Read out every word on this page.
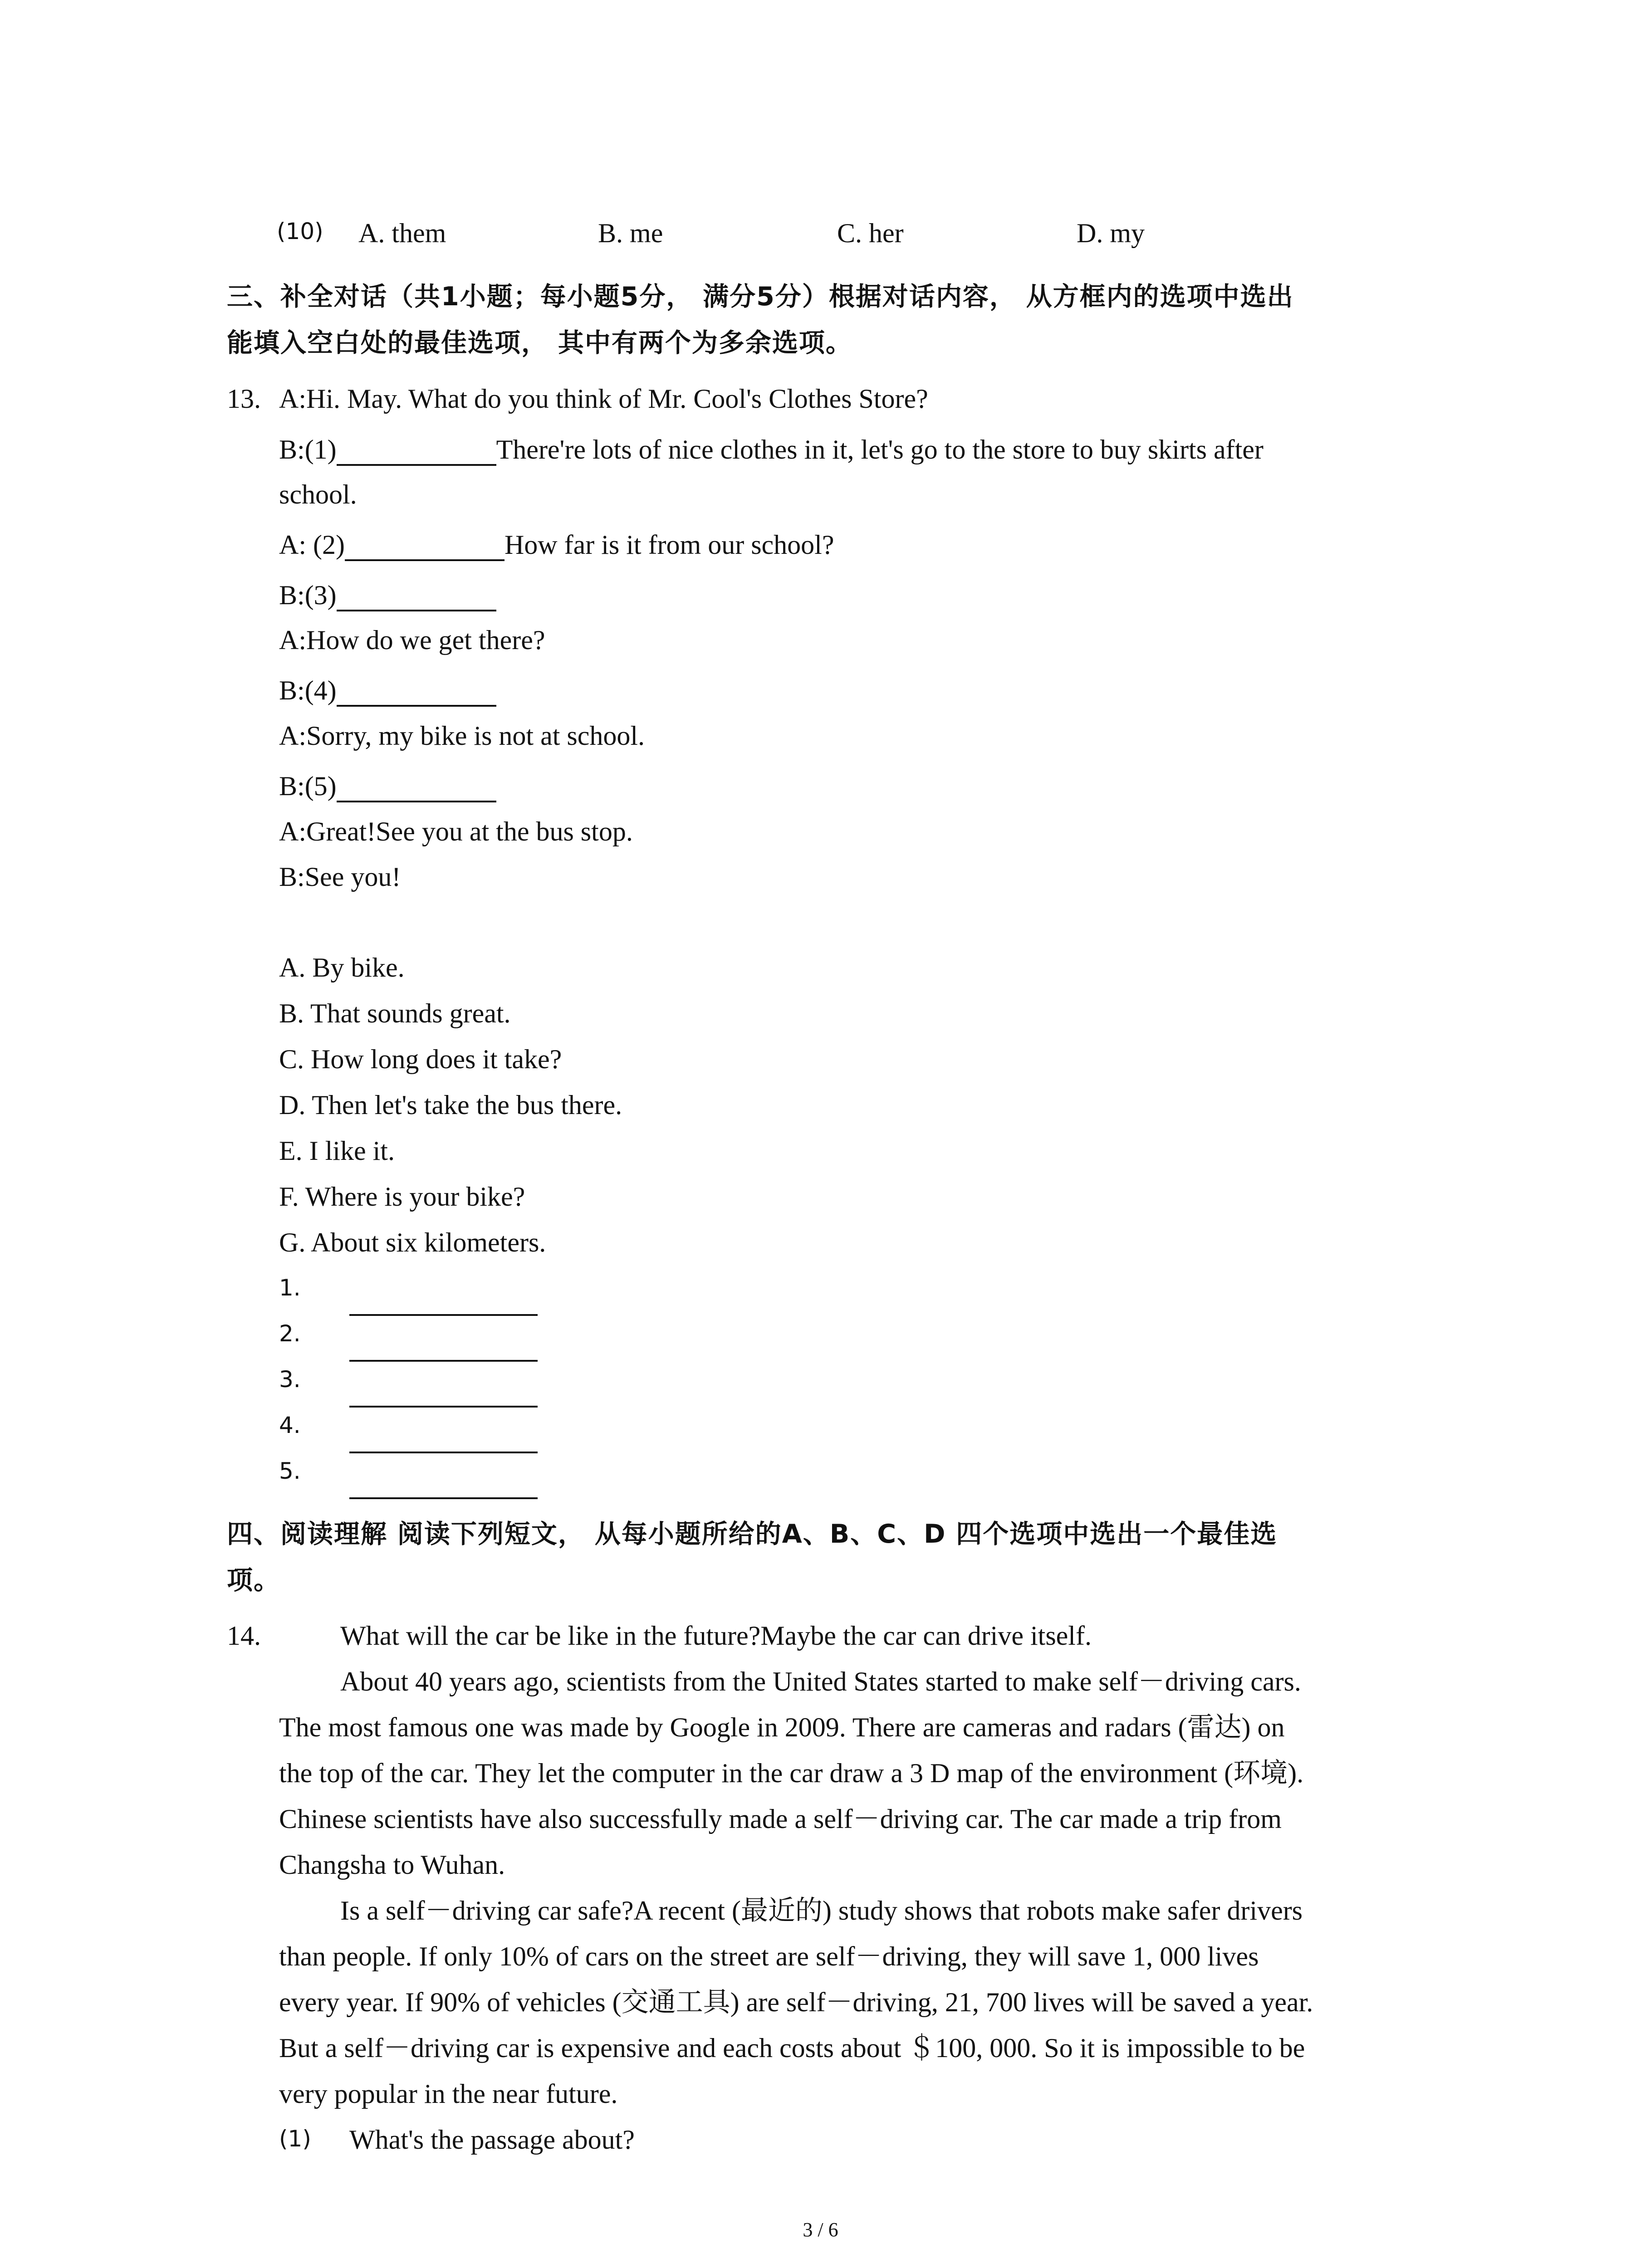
(10) A. them	B. me	C. her	D. my
三、补全对话（共1小题；每小题5分， 满分5分）根据对话内容， 从方框内的选项中选出
能填入空白处的最佳选项， 其中有两个为多余选项。
13. A:Hi. May. What do you think of Mr. Cool's Clothes Store?
B:(1)	There're lots of nice clothes in it, let's go to the store to buy skirts after
school.
A: (2)	How far is it from our school?
B:(3)
A:How do we get there?
B:(4)
A:Sorry, my bike is not at school.
B:(5)
A:Great!See you at the bus stop.
B:See you!
A. By bike.
B. That sounds great.
C. How long does it take?
D. Then let's take the bus there.
E. I like it.
F. Where is your bike?
G. About six kilometers.
1.
2.
3.
4.
5.
四、阅读理解 阅读下列短文， 从每小题所给的A、B、C、D 四个选项中选出一个最佳选
项。
14.	What will the car be like in the future?Maybe the car can drive itself.
About 40 years ago, scientists from the United States started to make self－driving cars.
The most famous one was made by Google in 2009. There are cameras and radars (雷达) on
the top of the car. They let the computer in the car draw a 3 D map of the environment (环境).
Chinese scientists have also successfully made a self－driving car. The car made a trip from
Changsha to Wuhan.
Is a self－driving car safe?A recent (最近的) study shows that robots make safer drivers
than people. If only 10% of cars on the street are self－driving, they will save 1, 000 lives
every year. If 90% of vehicles (交通工具) are self－driving, 21, 700 lives will be saved a year.
But a self－driving car is expensive and each costs about ＄100, 000. So it is impossible to be
very popular in the near future.
(1) What's the passage about?
3 / 6
